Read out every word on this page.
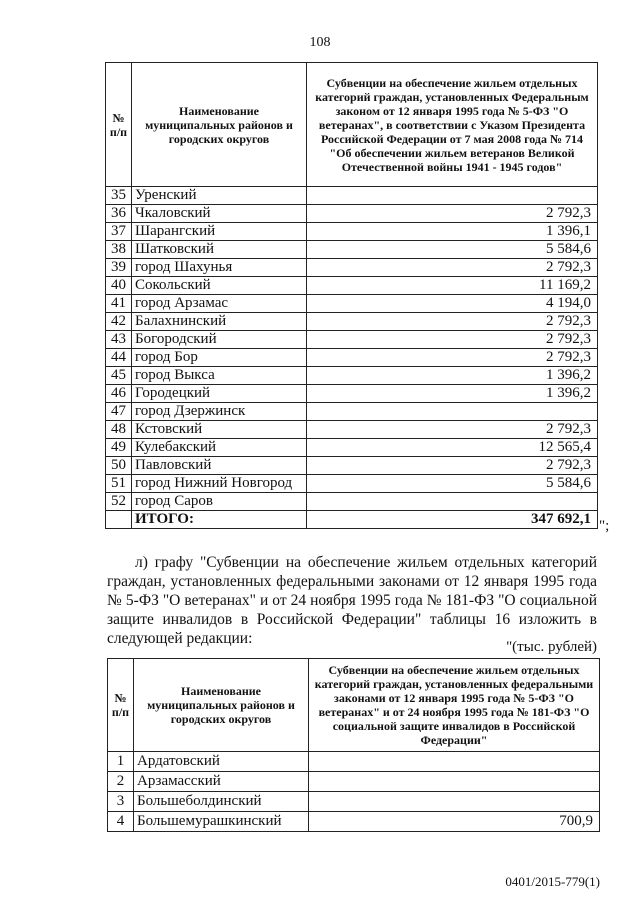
108
№ п/п	Наименование муниципальных районов и городских округов	Субвенции на обеспечение жильем отдельных категорий граждан, установленных Федеральным законом от 12 января 1995 года № 5-ФЗ "О ветеранах", в соответствии с Указом Президента Российской Федерации от 7 мая 2008 года № 714 "Об обеспечении жильем ветеранов Великой Отечественной войны 1941 - 1945 годов"
35	Уренский	
36	Чкаловский	2 792,3
37	Шарангский	1 396,1
38	Шатковский	5 584,6
39	город Шахунья	2 792,3
40	Сокольский	11 169,2
41	город Арзамас	4 194,0
42	Балахнинский	2 792,3
43	Богородский	2 792,3
44	город Бор	2 792,3
45	город Выкса	1 396,2
46	Городецкий	1 396,2
47	город Дзержинск	
48	Кстовский	2 792,3
49	Кулебакский	12 565,4
50	Павловский	2 792,3
51	город Нижний Новгород	5 584,6
52	город Саров	
	ИТОГО:	347 692,1 ";
л) графу "Субвенции на обеспечение жильем отдельных категорий граждан, установленных федеральными законами от 12 января 1995 года № 5-ФЗ "О ветеранах" и от 24 ноября 1995 года № 181-ФЗ "О социальной защите инвалидов в Российской Федерации" таблицы 16 изложить в следующей редакции:	"(тыс. рублей)
№ п/п	Наименование муниципальных районов и городских округов	Субвенции на обеспечение жильем отдельных категорий граждан, установленных федеральными законами от 12 января 1995 года № 5-ФЗ "О ветеранах" и от 24 ноября 1995 года № 181-ФЗ "О социальной защите инвалидов в Российской Федерации"
1	Ардатовский	
2	Арзамасский	
3	Большеболдинский	
4	Большемурашкинский	700,9
0401/2015-779(1)
